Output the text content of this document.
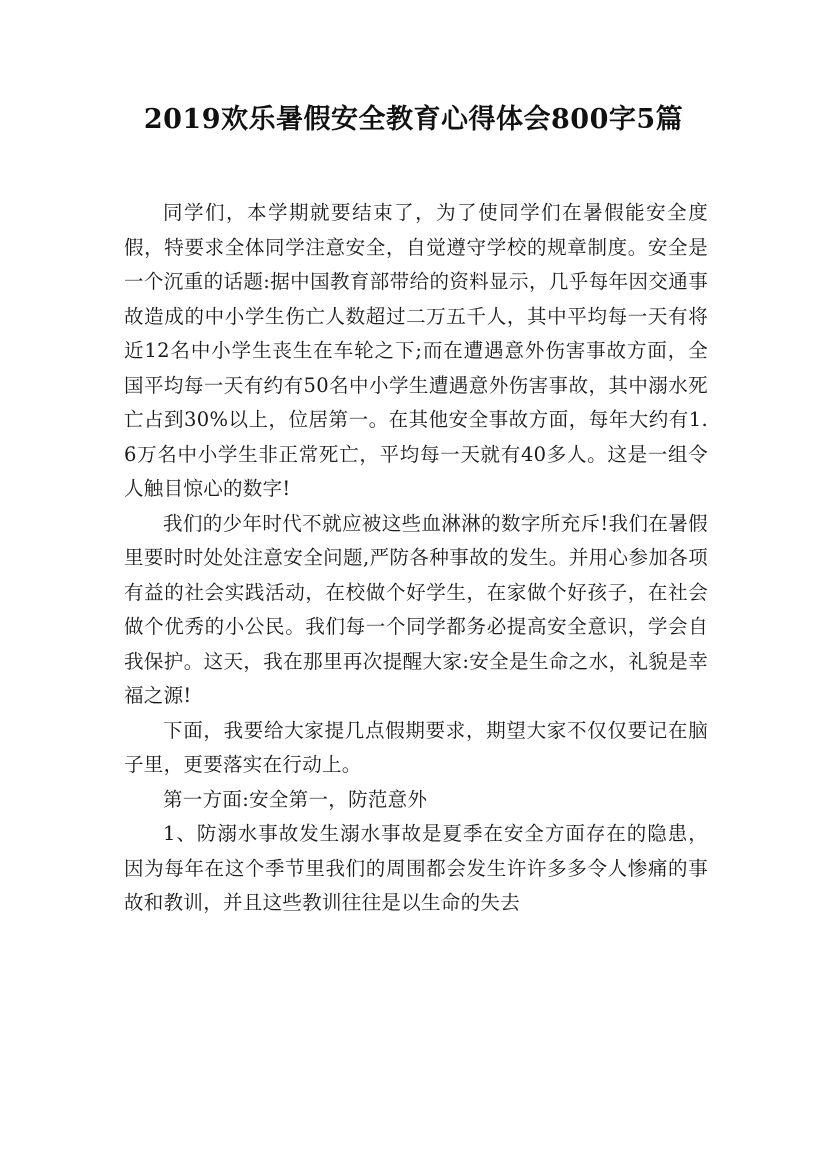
2019欢乐暑假安全教育心得体会800字5篇

同学们，本学期就要结束了，为了使同学们在暑假能安全度假，特要求全体同学注意安全，自觉遵守学校的规章制度。安全是一个沉重的话题:据中国教育部带给的资料显示，几乎每年因交通事故造成的中小学生伤亡人数超过二万五千人，其中平均每一天有将近12名中小学生丧生在车轮之下;而在遭遇意外伤害事故方面，全国平均每一天有约有50名中小学生遭遇意外伤害事故，其中溺水死亡占到30%以上，位居第一。在其他安全事故方面，每年大约有1.6万名中小学生非正常死亡，平均每一天就有40多人。这是一组令人触目惊心的数字!

我们的少年时代不就应被这些血淋淋的数字所充斥!我们在暑假里要时时处处注意安全问题,严防各种事故的发生。并用心参加各项有益的社会实践活动，在校做个好学生，在家做个好孩子，在社会做个优秀的小公民。我们每一个同学都务必提高安全意识，学会自我保护。这天，我在那里再次提醒大家:安全是生命之水，礼貌是幸福之源!

下面，我要给大家提几点假期要求，期望大家不仅仅要记在脑子里，更要落实在行动上。

第一方面:安全第一，防范意外

1、防溺水事故发生溺水事故是夏季在安全方面存在的隐患，因为每年在这个季节里我们的周围都会发生许许多多令人惨痛的事故和教训，并且这些教训往往是以生命的失去
